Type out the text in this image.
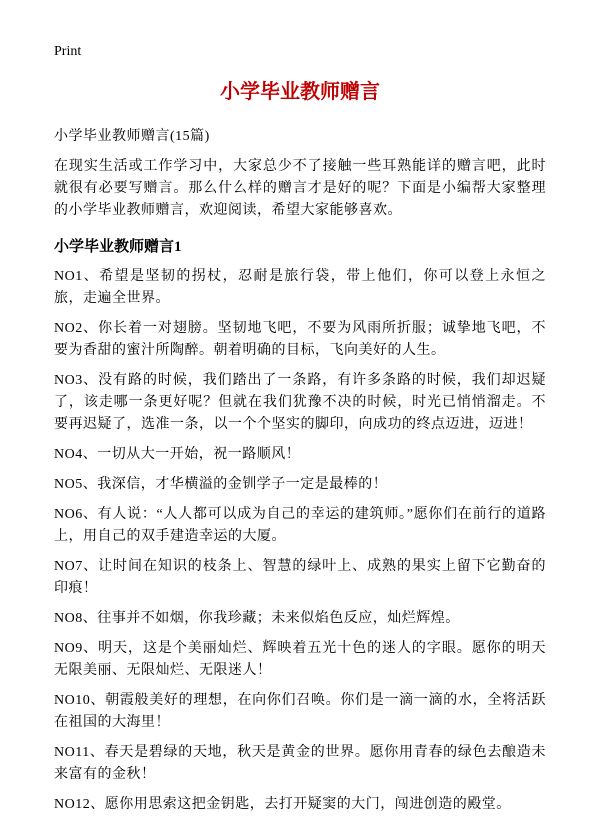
Print
小学毕业教师赠言

小学毕业教师赠言(15篇)

在现实生活或工作学习中，大家总少不了接触一些耳熟能详的赠言吧，此时就很有必要写赠言。那么什么样的赠言才是好的呢？下面是小编帮大家整理的小学毕业教师赠言，欢迎阅读，希望大家能够喜欢。

小学毕业教师赠言1

NO1、希望是坚韧的拐杖，忍耐是旅行袋，带上他们，你可以登上永恒之旅，走遍全世界。

NO2、你长着一对翅膀。坚韧地飞吧，不要为风雨所折服；诚挚地飞吧，不要为香甜的蜜汁所陶醉。朝着明确的目标，飞向美好的人生。

NO3、没有路的时候，我们踏出了一条路，有许多条路的时候，我们却迟疑了，该走哪一条更好呢？但就在我们犹豫不决的时候，时光已悄悄溜走。不要再迟疑了，选准一条，以一个个坚实的脚印，向成功的终点迈进，迈进！

NO4、一切从大一开始，祝一路顺风！

NO5、我深信，才华横溢的金钏学子一定是最棒的！

NO6、有人说：“人人都可以成为自己的幸运的建筑师。”愿你们在前行的道路上，用自己的双手建造幸运的大厦。

NO7、让时间在知识的枝条上、智慧的绿叶上、成熟的果实上留下它勤奋的印痕！

NO8、往事并不如烟，你我珍藏；未来似焰色反应，灿烂辉煌。

NO9、明天，这是个美丽灿烂、辉映着五光十色的迷人的字眼。愿你的明天无限美丽、无限灿烂、无限迷人！

NO10、朝霞般美好的理想，在向你们召唤。你们是一滴一滴的水，全将活跃在祖国的大海里！

NO11、春天是碧绿的天地，秋天是黄金的世界。愿你用青春的绿色去酿造未来富有的金秋！

NO12、愿你用思索这把金钥匙，去打开疑窦的大门，闯进创造的殿堂。
